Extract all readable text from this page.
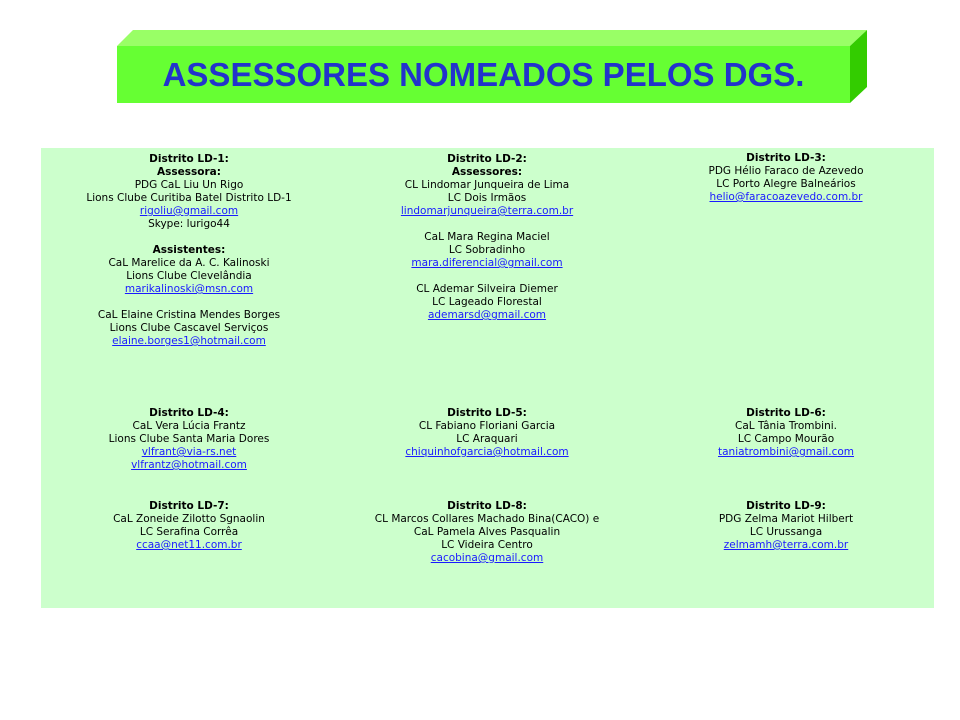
ASSESSORES NOMEADOS PELOS DGS.
Distrito LD-1:
Assessora:
PDG CaL Liu Un Rigo
Lions Clube Curitiba Batel Distrito LD-1
rigoliu@gmail.com
Skype: lurigo44
Assistentes:
CaL Marelice da A. C. Kalinoski
Lions Clube Clevelândia
marikalinoski@msn.com
CaL Elaine Cristina Mendes Borges
Lions Clube Cascavel Serviços
elaine.borges1@hotmail.com
Distrito LD-2:
Assessores:
CL Lindomar Junqueira de Lima
LC Dois Irmãos
lindomarjunqueira@terra.com.br
CaL Mara Regina Maciel
LC Sobradinho
mara.diferencial@gmail.com
CL Ademar Silveira Diemer
LC Lageado Florestal
ademarsd@gmail.com
Distrito LD-3:
PDG Hélio Faraco de Azevedo
LC Porto Alegre Balneários
helio@faracoazevedo.com.br
Distrito LD-4:
CaL Vera Lúcia Frantz
Lions Clube Santa Maria Dores
vlfrant@via-rs.net
vlfrantz@hotmail.com
Distrito LD-5:
CL Fabiano Floriani Garcia
LC Araquari
chiquinhofgarcia@hotmail.com
Distrito LD-6:
CaL Tânia Trombini.
LC Campo Mourão
taniatrombini@gmail.com
Distrito LD-7:
CaL Zoneide Zilotto Sgnaolin
LC Serafina Corrêa
ccaa@net11.com.br
Distrito LD-8:
CL Marcos Collares Machado Bina(CACO) e
CaL Pamela Alves Pasqualin
LC Videira Centro
cacobina@gmail.com
Distrito LD-9:
PDG Zelma Mariot Hilbert
LC Urussanga
zelmamh@terra.com.br
